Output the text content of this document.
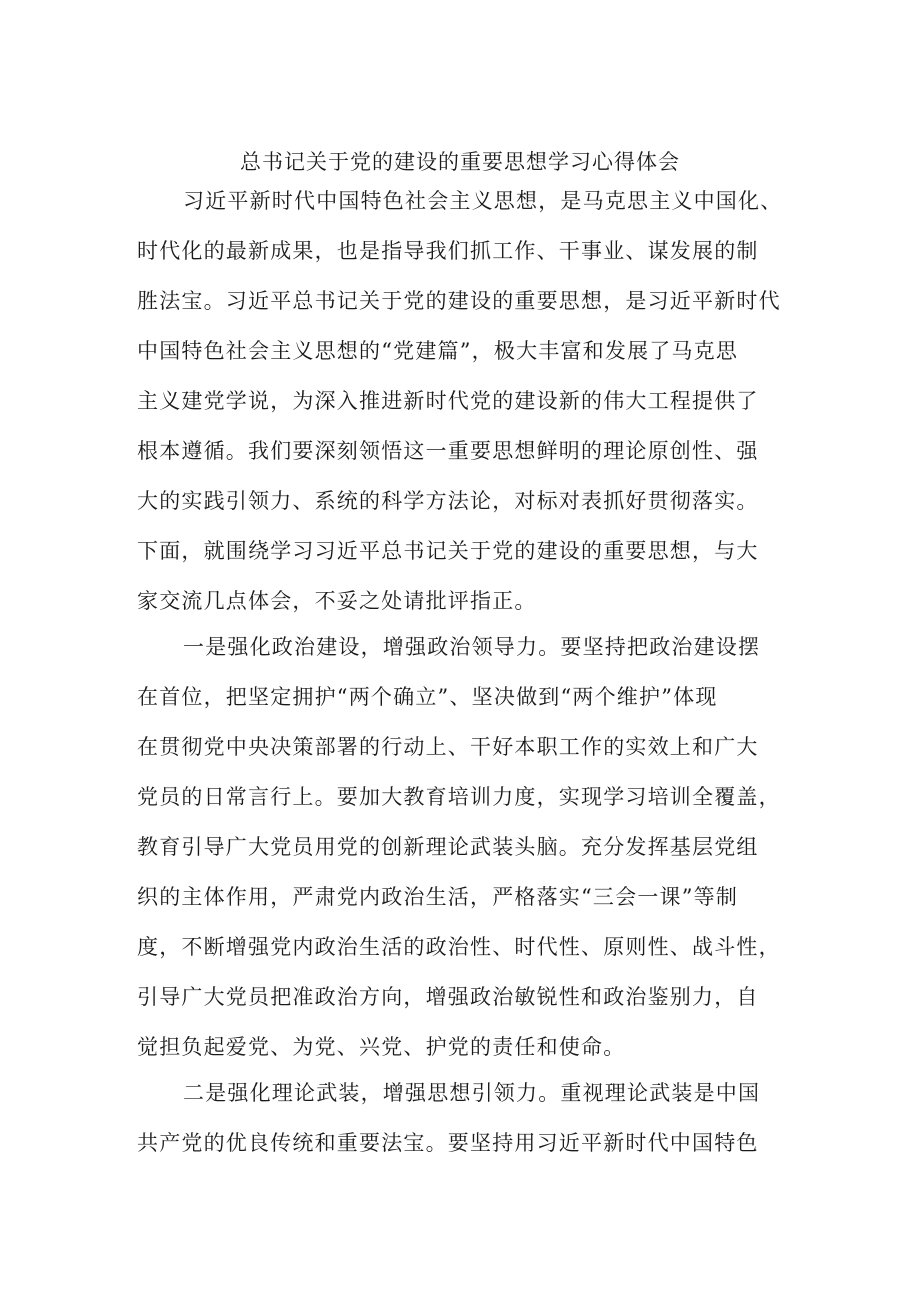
总书记关于党的建设的重要思想学习心得体会
习近平新时代中国特色社会主义思想，是马克思主义中国化、
时代化的最新成果，也是指导我们抓工作、干事业、谋发展的制
胜法宝。习近平总书记关于党的建设的重要思想，是习近平新时代
中国特色社会主义思想的“党建篇”，极大丰富和发展了马克思
主义建党学说，为深入推进新时代党的建设新的伟大工程提供了
根本遵循。我们要深刻领悟这一重要思想鲜明的理论原创性、强
大的实践引领力、系统的科学方法论，对标对表抓好贯彻落实。
下面，就围绕学习习近平总书记关于党的建设的重要思想，与大
家交流几点体会，不妥之处请批评指正。
一是强化政治建设，增强政治领导力。要坚持把政治建设摆
在首位，把坚定拥护“两个确立”、坚决做到“两个维护”体现
在贯彻党中央决策部署的行动上、干好本职工作的实效上和广大
党员的日常言行上。要加大教育培训力度，实现学习培训全覆盖，
教育引导广大党员用党的创新理论武装头脑。充分发挥基层党组
织的主体作用，严肃党内政治生活，严格落实“三会一课”等制
度，不断增强党内政治生活的政治性、时代性、原则性、战斗性，
引导广大党员把准政治方向，增强政治敏锐性和政治鉴别力，自
觉担负起爱党、为党、兴党、护党的责任和使命。
二是强化理论武装，增强思想引领力。重视理论武装是中国
共产党的优良传统和重要法宝。要坚持用习近平新时代中国特色
